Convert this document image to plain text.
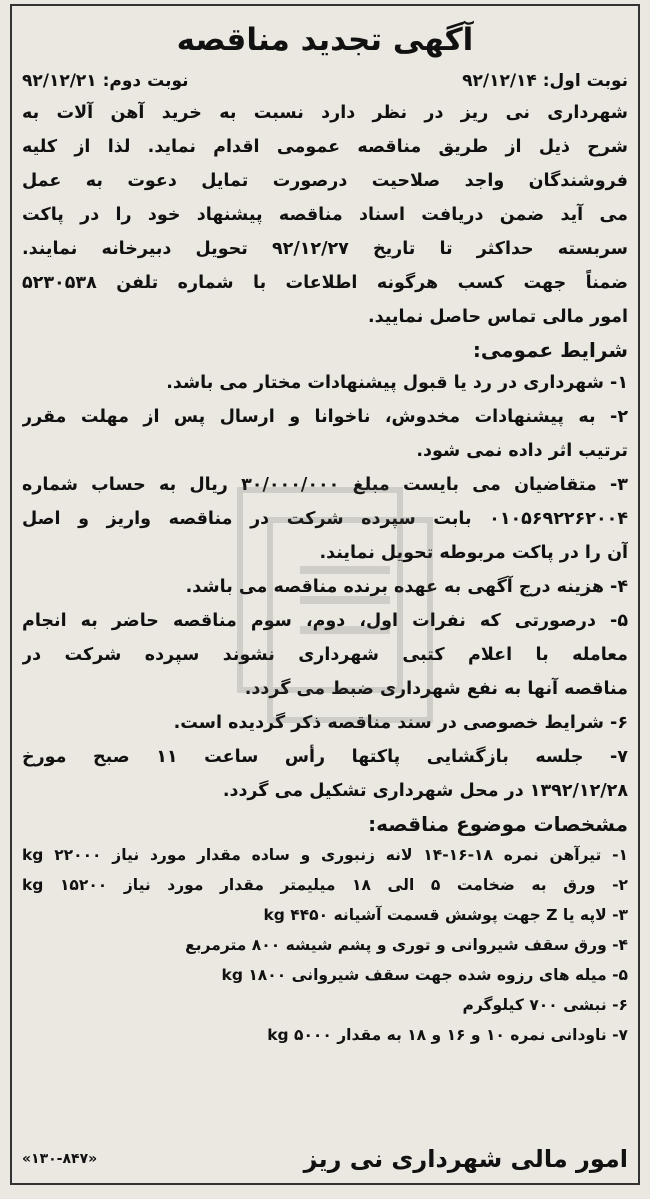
آگهی تجدید مناقصه
نوبت اول: ۹۲/۱۲/۱۴
نوبت دوم: ۹۲/۱۲/۲۱
شهرداری نی ریز در نظر دارد نسبت به خرید آهن آلات به
شرح ذیل از طریق مناقصه عمومی اقدام نماید. لذا از کلیه
فروشندگان واجد صلاحیت درصورت تمایل دعوت به عمل
می آید ضمن دریافت اسناد مناقصه پیشنهاد خود را در پاکت
سربسته حداکثر تا تاریخ ۹۲/۱۲/۲۷ تحویل دبیرخانه نمایند.
ضمناً جهت کسب هرگونه اطلاعات با شماره تلفن ۵۲۳۰۵۳۸
امور مالی تماس حاصل نمایید.
شرایط عمومی:
۱- شهرداری در رد یا قبول پیشنهادات مختار می باشد.
۲- به پیشنهادات مخدوش، ناخوانا و ارسال پس از مهلت مقرر
ترتیب اثر داده نمی شود.
۳- متقاضیان می بایست مبلغ ۳۰/۰۰۰/۰۰۰ ریال به حساب شماره
۰۱۰۵۶۹۲۲۶۲۰۰۴ بابت سپرده شرکت در مناقصه واریز و اصل
آن را در پاکت مربوطه تحویل نمایند.
۴- هزینه درج آگهی به عهده برنده مناقصه می باشد.
۵- درصورتی که نفرات اول، دوم، سوم مناقصه حاضر به انجام
معامله با اعلام کتبی شهرداری نشوند سپرده شرکت در
مناقصه آنها به نفع شهرداری ضبط می گردد.
۶- شرایط خصوصی در سند مناقصه ذکر گردیده است.
۷- جلسه بازگشایی پاکتها رأس ساعت ۱۱ صبح مورخ
۱۳۹۲/۱۲/۲۸ در محل شهرداری تشکیل می گردد.
مشخصات موضوع مناقصه:
۱- تیرآهن نمره ۱۸-۱۶-۱۴ لانه زنبوری و ساده مقدار مورد نیاز ۲۲۰۰۰ kg
۲- ورق به ضخامت ۵ الی ۱۸ میلیمتر مقدار مورد نیاز ۱۵۲۰۰ kg
۳- لاپه یا Z جهت پوشش قسمت آشیانه ۴۴۵۰ kg
۴- ورق سقف شیروانی و توری و پشم شیشه ۸۰۰ مترمربع
۵- میله های رزوه شده جهت سقف شیروانی ۱۸۰۰ kg
۶- نبشی ۷۰۰ کیلوگرم
۷- ناودانی نمره ۱۰ و ۱۶ و ۱۸ به مقدار ۵۰۰۰ kg
امور مالی شهرداری نی ریز
«۱۳۰-۸۴۷»
